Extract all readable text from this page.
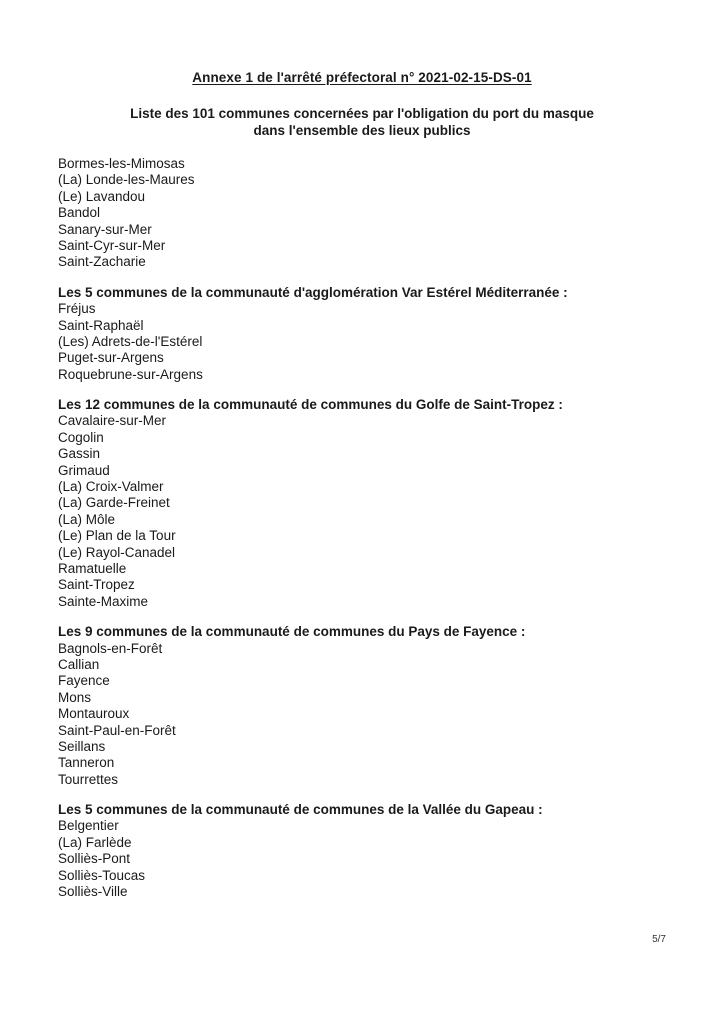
Annexe 1 de l'arrêté préfectoral n° 2021-02-15-DS-01
Liste des 101 communes concernées par l'obligation du port du masque
dans l'ensemble des lieux publics
Bormes-les-Mimosas
(La) Londe-les-Maures
(Le) Lavandou
Bandol
Sanary-sur-Mer
Saint-Cyr-sur-Mer
Saint-Zacharie
Les 5 communes de la communauté d'agglomération Var Estérel Méditerranée :
Fréjus
Saint-Raphaël
(Les) Adrets-de-l'Estérel
Puget-sur-Argens
Roquebrune-sur-Argens
Les 12 communes de la communauté de communes du Golfe de Saint-Tropez :
Cavalaire-sur-Mer
Cogolin
Gassin
Grimaud
(La) Croix-Valmer
(La) Garde-Freinet
(La) Môle
(Le) Plan de la Tour
(Le) Rayol-Canadel
Ramatuelle
Saint-Tropez
Sainte-Maxime
Les 9 communes de la communauté de communes du Pays de Fayence :
Bagnols-en-Forêt
Callian
Fayence
Mons
Montauroux
Saint-Paul-en-Forêt
Seillans
Tanneron
Tourrettes
Les 5 communes de la communauté de communes de la Vallée du Gapeau :
Belgentier
(La) Farlède
Solliès-Pont
Solliès-Toucas
Solliès-Ville
5/7
